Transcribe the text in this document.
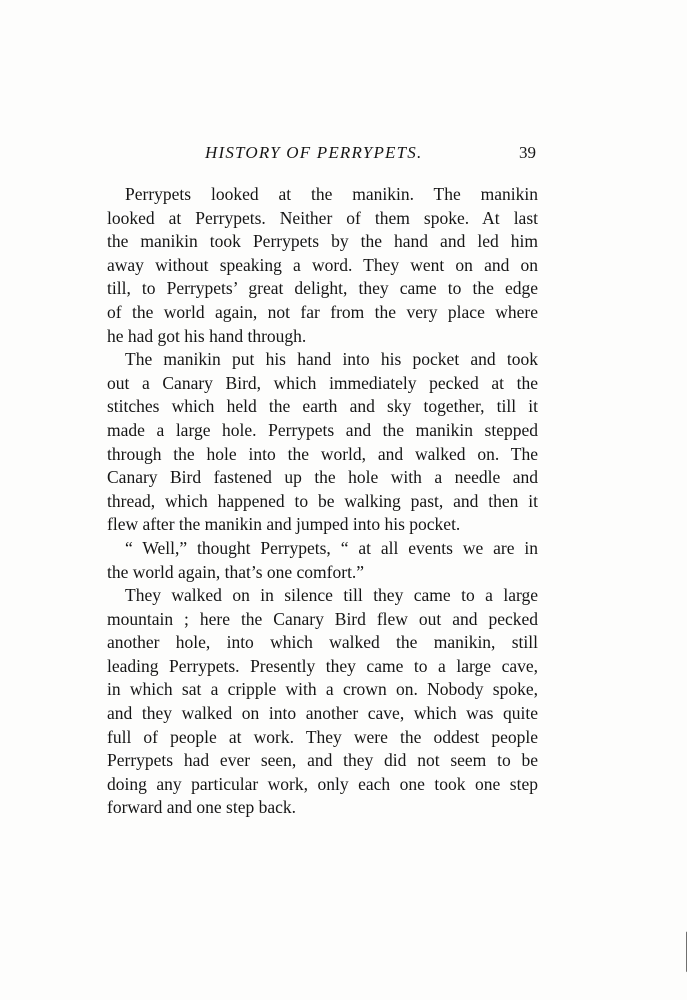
HISTORY OF PERRYPETS.	39

Perrypets looked at the manikin. The manikin
looked at Perrypets. Neither of them spoke. At last
the manikin took Perrypets by the hand and led him
away without speaking a word. They went on and on
till, to Perrypets’ great delight, they came to the edge
of the world again, not far from the very place where
he had got his hand through.

The manikin put his hand into his pocket and took
out a Canary Bird, which immediately pecked at the
stitches which held the earth and sky together, till it
made a large hole. Perrypets and the manikin stepped
through the hole into the world, and walked on. The
Canary Bird fastened up the hole with a needle and
thread, which happened to be walking past, and then it
flew after the manikin and jumped into his pocket.

“ Well,” thought Perrypets, “ at all events we are in
the world again, that’s one comfort.”

They walked on in silence till they came to a large
mountain ; here the Canary Bird flew out and pecked
another hole, into which walked the manikin, still
leading Perrypets. Presently they came to a large cave,
in which sat a cripple with a crown on. Nobody spoke,
and they walked on into another cave, which was quite
full of people at work. They were the oddest people
Perrypets had ever seen, and they did not seem to be
doing any particular work, only each one took one step
forward and one step back.
